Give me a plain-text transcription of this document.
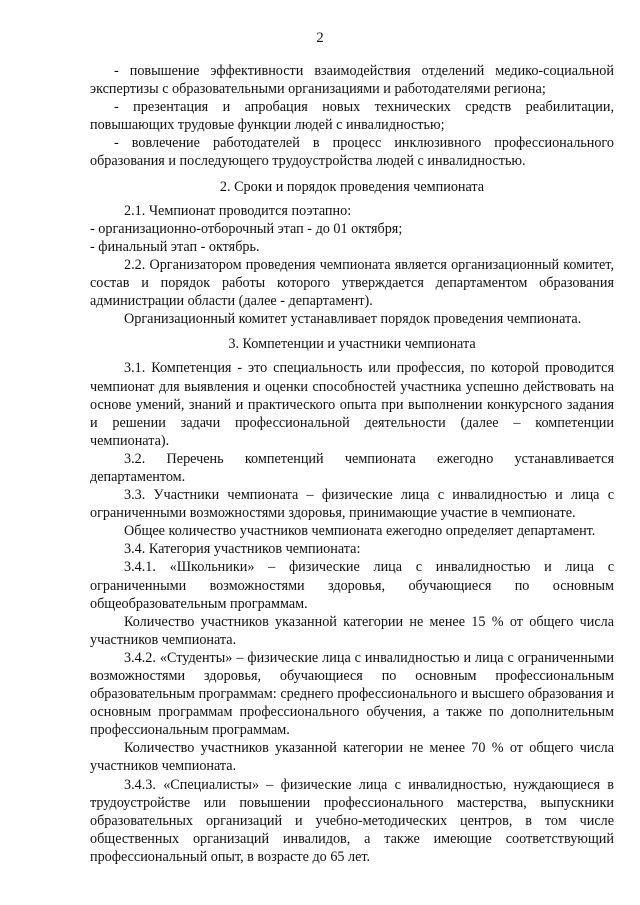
2

- повышение эффективности взаимодействия отделений медико-социальной экспертизы с образовательными организациями и работодателями региона;

- презентация и апробация новых технических средств реабилитации, повышающих трудовые функции людей с инвалидностью;

- вовлечение работодателей в процесс инклюзивного профессионального образования и последующего трудоустройства людей с инвалидностью.

2. Сроки и порядок проведения чемпионата

2.1. Чемпионат проводится поэтапно:

- организационно-отборочный этап - до 01 октября;

- финальный этап - октябрь.

2.2. Организатором проведения чемпионата является организационный комитет, состав и порядок работы которого утверждается департаментом образования администрации области (далее - департамент).

Организационный комитет устанавливает порядок проведения чемпионата.

3. Компетенции и участники чемпионата

3.1. Компетенция - это специальность или профессия, по которой проводится чемпионат для выявления и оценки способностей участника успешно действовать на основе умений, знаний и практического опыта при выполнении конкурсного задания и решении задачи профессиональной деятельности (далее – компетенции чемпионата).

3.2. Перечень компетенций чемпионата ежегодно устанавливается департаментом.

3.3. Участники чемпионата – физические лица с инвалидностью и лица с ограниченными возможностями здоровья, принимающие участие в чемпионате.

Общее количество участников чемпионата ежегодно определяет департамент.

3.4. Категория участников чемпионата:

3.4.1. «Школьники» – физические лица с инвалидностью и лица с ограниченными возможностями здоровья, обучающиеся по основным общеобразовательным программам.

Количество участников указанной категории не менее 15 % от общего числа участников чемпионата.

3.4.2. «Студенты» – физические лица с инвалидностью и лица с ограниченными возможностями здоровья, обучающиеся по основным профессиональным образовательным программам: среднего профессионального и высшего образования и основным программам профессионального обучения, а также по дополнительным профессиональным программам.

Количество участников указанной категории не менее 70 % от общего числа участников чемпионата.

3.4.3. «Специалисты» – физические лица с инвалидностью, нуждающиеся в трудоустройстве или повышении профессионального мастерства, выпускники образовательных организаций и учебно-методических центров, в том числе общественных организаций инвалидов, а также имеющие соответствующий профессиональный опыт, в возрасте до 65 лет.
